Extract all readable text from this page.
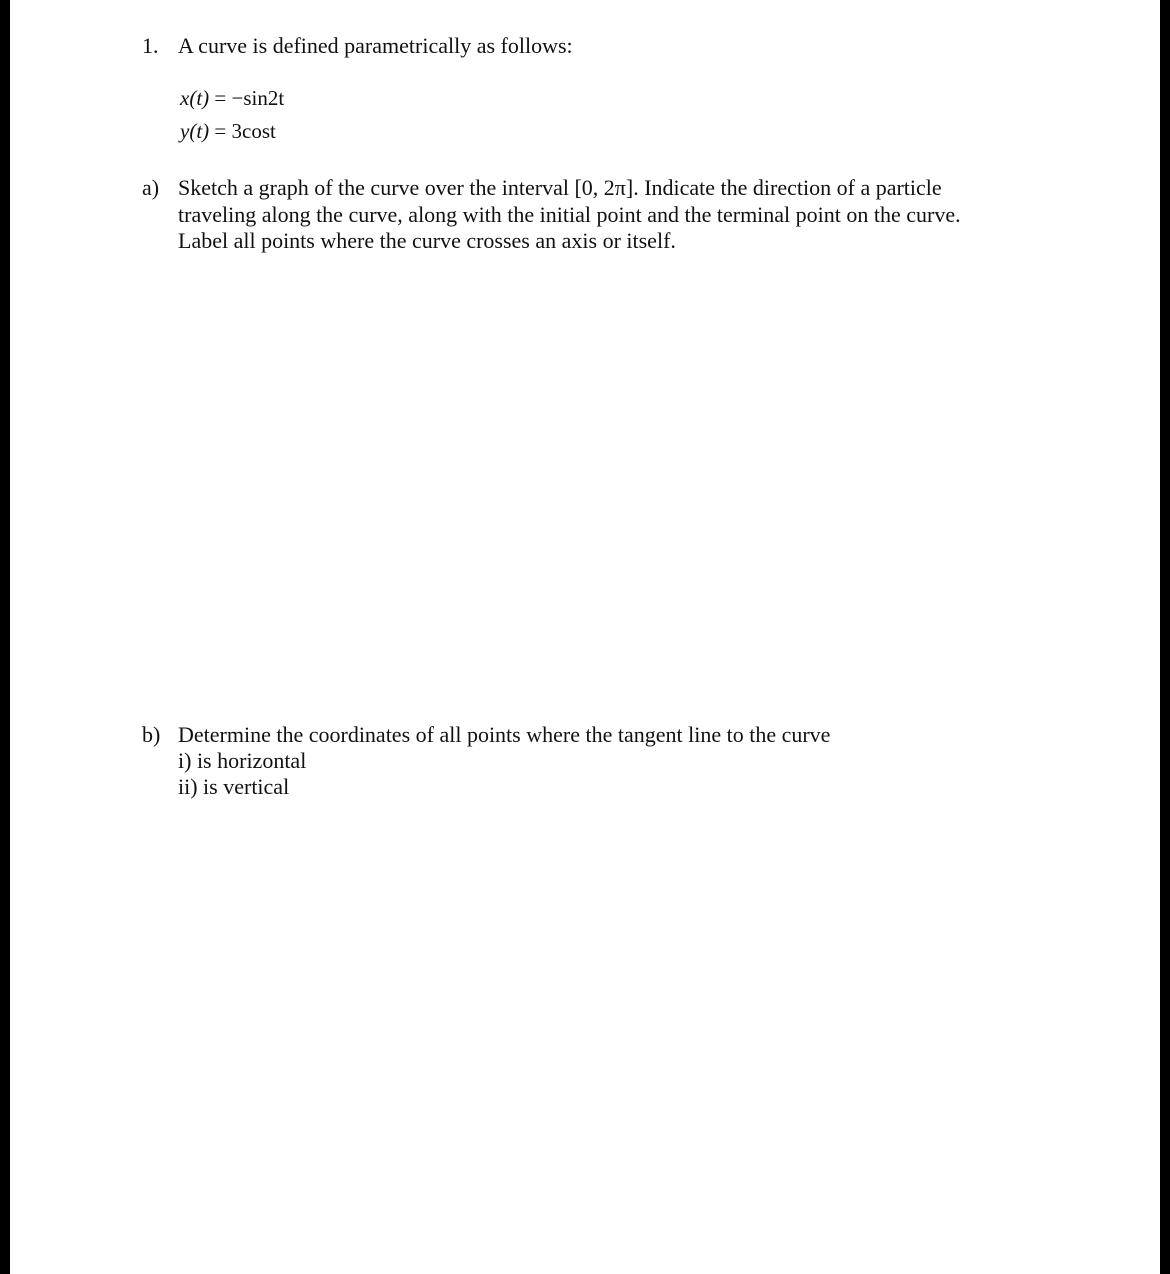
1. A curve is defined parametrically as follows:
x(t) = −sin2t
y(t) = 3cost
a) Sketch a graph of the curve over the interval [0, 2π]. Indicate the direction of a particle
traveling along the curve, along with the initial point and the terminal point on the curve.
Label all points where the curve crosses an axis or itself.
b) Determine the coordinates of all points where the tangent line to the curve
i) is horizontal
ii) is vertical
